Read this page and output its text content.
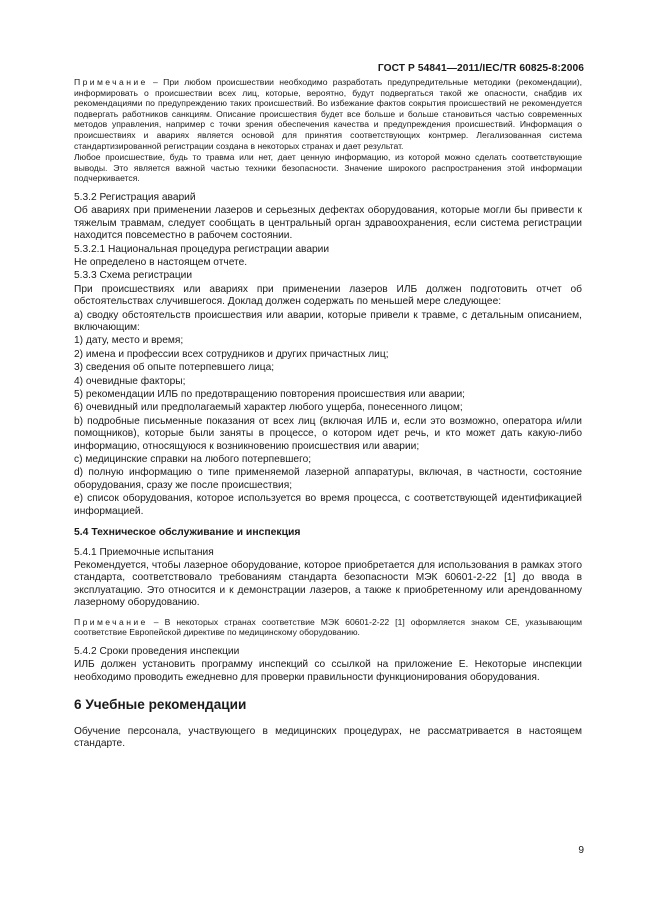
ГОСТ Р 54841—2011/IEC/TR 60825-8:2006

Примечание – При любом происшествии необходимо разработать предупредительные методики (рекомендации), информировать о происшествии всех лиц, которые, вероятно, будут подвергаться такой же опасности, снабдив их рекомендациями по предупреждению таких происшествий. Во избежание фактов сокрытия происшествий не рекомендуется подвергать работников санкциям. Описание происшествия будет все больше и больше становиться частью современных методов управления, например с точки зрения обеспечения качества и предупреждения происшествий. Информация о происшествиях и авариях является основой для принятия соответствующих контрмер. Легализованная система стандартизированной регистрации создана в некоторых странах и дает результат.

Любое происшествие, будь то травма или нет, дает ценную информацию, из которой можно сделать соответствующие выводы. Это является важной частью техники безопасности. Значение широкого распространения этой информации подчеркивается.

5.3.2 Регистрация аварий

Об авариях при применении лазеров и серьезных дефектах оборудования, которые могли бы привести к тяжелым травмам, следует сообщать в центральный орган здравоохранения, если система регистрации находится повсеместно в рабочем состоянии.

5.3.2.1 Национальная процедура регистрации аварии

Не определено в настоящем отчете.

5.3.3 Схема регистрации

При происшествиях или авариях при применении лазеров ИЛБ должен подготовить отчет об обстоятельствах случившегося. Доклад должен содержать по меньшей мере следующее:

а) сводку обстоятельств происшествия или аварии, которые привели к травме, с детальным описанием, включающим:

1) дату, место и время;

2) имена и профессии всех сотрудников и других причастных лиц;

3) сведения об опыте потерпевшего лица;

4) очевидные факторы;

5) рекомендации ИЛБ по предотвращению повторения происшествия или аварии;

6) очевидный или предполагаемый характер любого ущерба, понесенного лицом;

b) подробные письменные показания от всех лиц (включая ИЛБ и, если это возможно, оператора и/или помощников), которые были заняты в процессе, о котором идет речь, и кто может дать какую-либо информацию, относящуюся к возникновению происшествия или аварии;

c) медицинские справки на любого потерпевшего;

d) полную информацию о типе применяемой лазерной аппаратуры, включая, в частности, состояние оборудования, сразу же после происшествия;

e) список оборудования, которое используется во время процесса, с соответствующей идентификацией информацией.

5.4 Техническое обслуживание и инспекция

5.4.1 Приемочные испытания

Рекомендуется, чтобы лазерное оборудование, которое приобретается для использования в рамках этого стандарта, соответствовало требованиям стандарта безопасности МЭК 60601-2-22 [1] до ввода в эксплуатацию. Это относится и к демонстрации лазеров, а также к приобретенному или арендованному лазерному оборудованию.

Примечание – В некоторых странах соответствие МЭК 60601-2-22 [1] оформляется знаком CE, указывающим соответствие Европейской директиве по медицинскому оборудованию.

5.4.2 Сроки проведения инспекции

ИЛБ должен установить программу инспекций со ссылкой на приложение Е. Некоторые инспекции необходимо проводить ежедневно для проверки правильности функционирования оборудования.

6 Учебные рекомендации

Обучение персонала, участвующего в медицинских процедурах, не рассматривается в настоящем стандарте.

9
